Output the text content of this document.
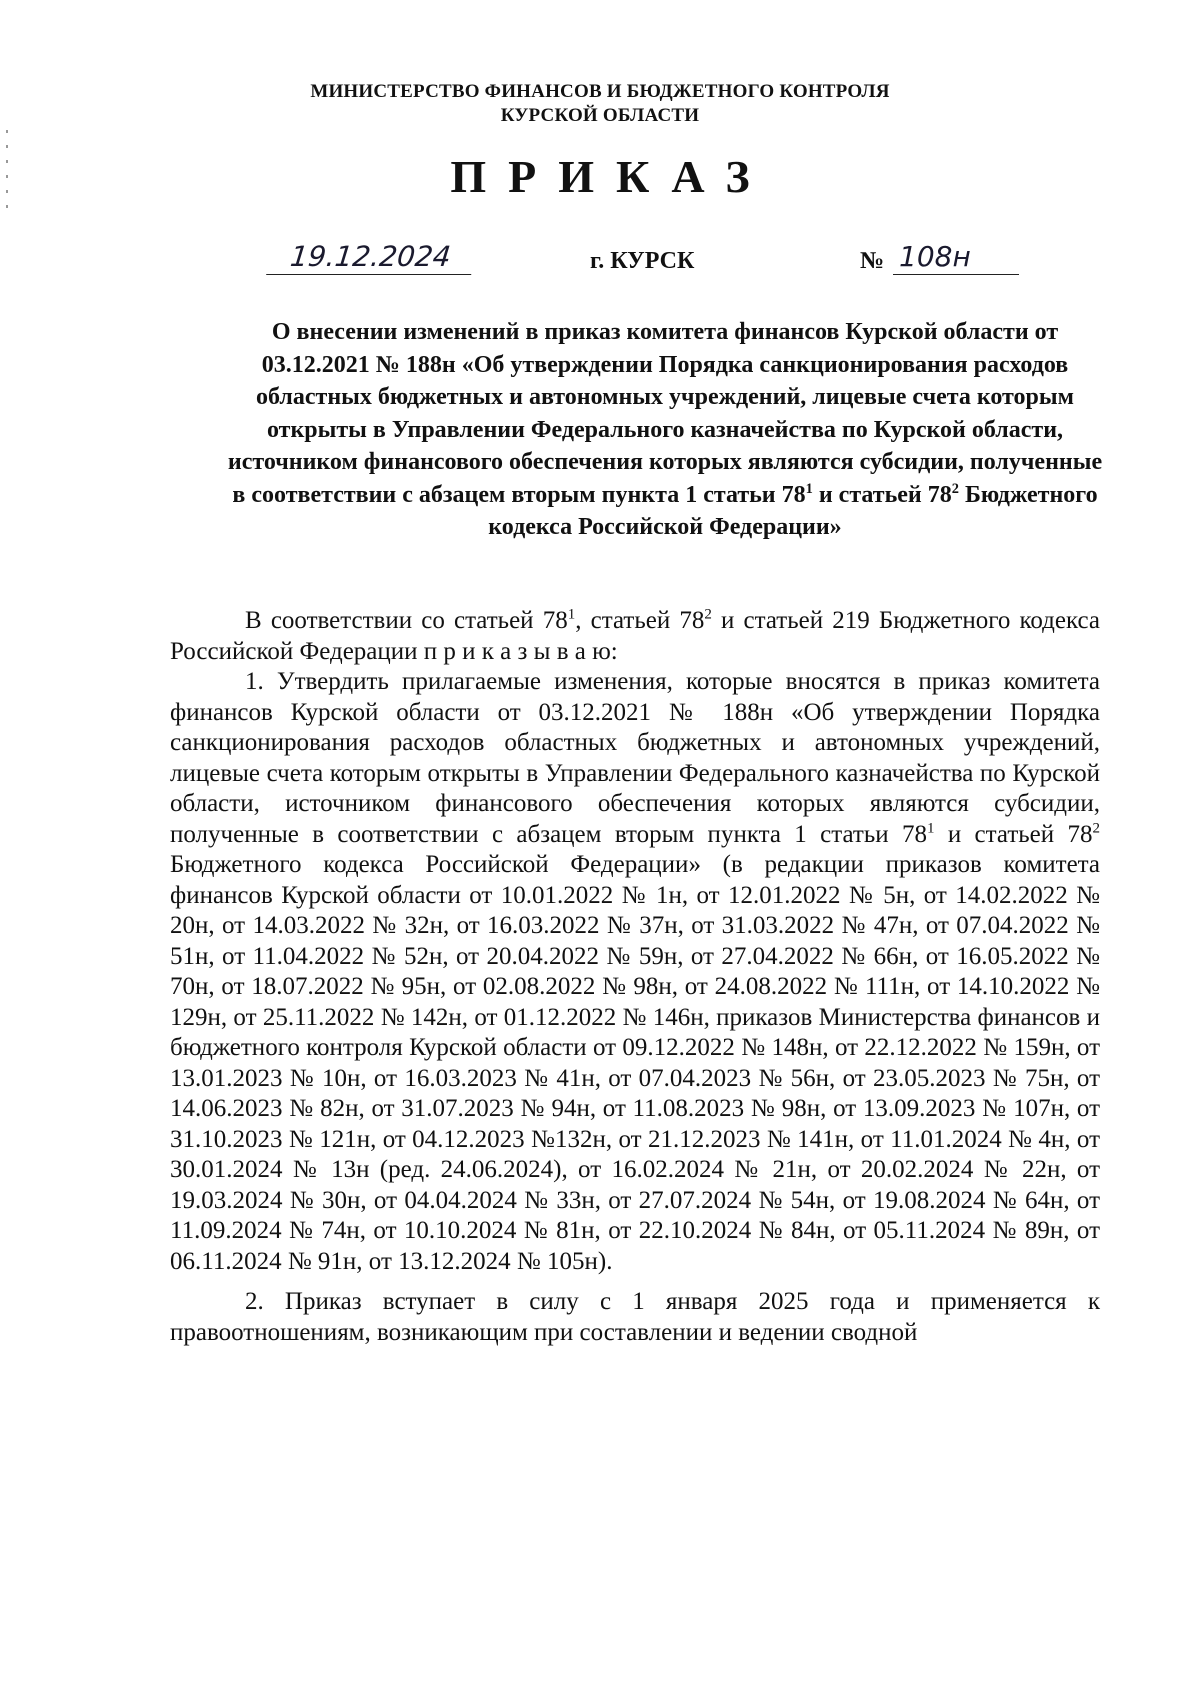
МИНИСТЕРСТВО ФИНАНСОВ И БЮДЖЕТНОГО КОНТРОЛЯ
КУРСКОЙ ОБЛАСТИ
ПРИКАЗ
19.12.2024	г. КУРСК	№ 108н
О внесении изменений в приказ комитета финансов Курской области от 03.12.2021 № 188н «Об утверждении Порядка санкционирования расходов областных бюджетных и автономных учреждений, лицевые счета которым открыты в Управлении Федерального казначейства по Курской области, источником финансового обеспечения которых являются субсидии, полученные в соответствии с абзацем вторым пункта 1 статьи $78^1$ и статьей $78^2$ Бюджетного кодекса Российской Федерации»

В соответствии со статьей $78^1$, статьей $78^2$ и статьей 219 Бюджетного кодекса Российской Федерации п р и к а з ы в а ю:

1. Утвердить прилагаемые изменения, которые вносятся в приказ комитета финансов Курской области от 03.12.2021 № 188н «Об утверждении Порядка санкционирования расходов областных бюджетных и автономных учреждений, лицевые счета которым открыты в Управлении Федерального казначейства по Курской области, источником финансового обеспечения которых являются субсидии, полученные в соответствии с абзацем вторым пункта 1 статьи $78^1$ и статьей $78^2$ Бюджетного кодекса Российской Федерации» (в редакции приказов комитета финансов Курской области от 10.01.2022 № 1н, от 12.01.2022 № 5н, от 14.02.2022 № 20н, от 14.03.2022 № 32н, от 16.03.2022 № 37н, от 31.03.2022 № 47н, от 07.04.2022 № 51н, от 11.04.2022 № 52н, от 20.04.2022 № 59н, от 27.04.2022 № 66н, от 16.05.2022 № 70н, от 18.07.2022 № 95н, от 02.08.2022 № 98н, от 24.08.2022 № 111н, от 14.10.2022 № 129н, от 25.11.2022 № 142н, от 01.12.2022 № 146н, приказов Министерства финансов и бюджетного контроля Курской области от 09.12.2022 № 148н, от 22.12.2022 № 159н, от 13.01.2023 № 10н, от 16.03.2023 № 41н, от 07.04.2023 № 56н, от 23.05.2023 № 75н, от 14.06.2023 № 82н, от 31.07.2023 № 94н, от 11.08.2023 № 98н, от 13.09.2023 № 107н, от 31.10.2023 № 121н, от 04.12.2023 №132н, от 21.12.2023 № 141н, от 11.01.2024 № 4н, от 30.01.2024 № 13н (ред. 24.06.2024), от 16.02.2024 № 21н, от 20.02.2024 № 22н, от 19.03.2024 № 30н, от 04.04.2024 № 33н, от 27.07.2024 № 54н, от 19.08.2024 № 64н, от 11.09.2024 № 74н, от 10.10.2024 № 81н, от 22.10.2024 № 84н, от 05.11.2024 № 89н, от 06.11.2024 № 91н, от 13.12.2024 № 105н).

2. Приказ вступает в силу с 1 января 2025 года и применяется к правоотношениям, возникающим при составлении и ведении сводной
